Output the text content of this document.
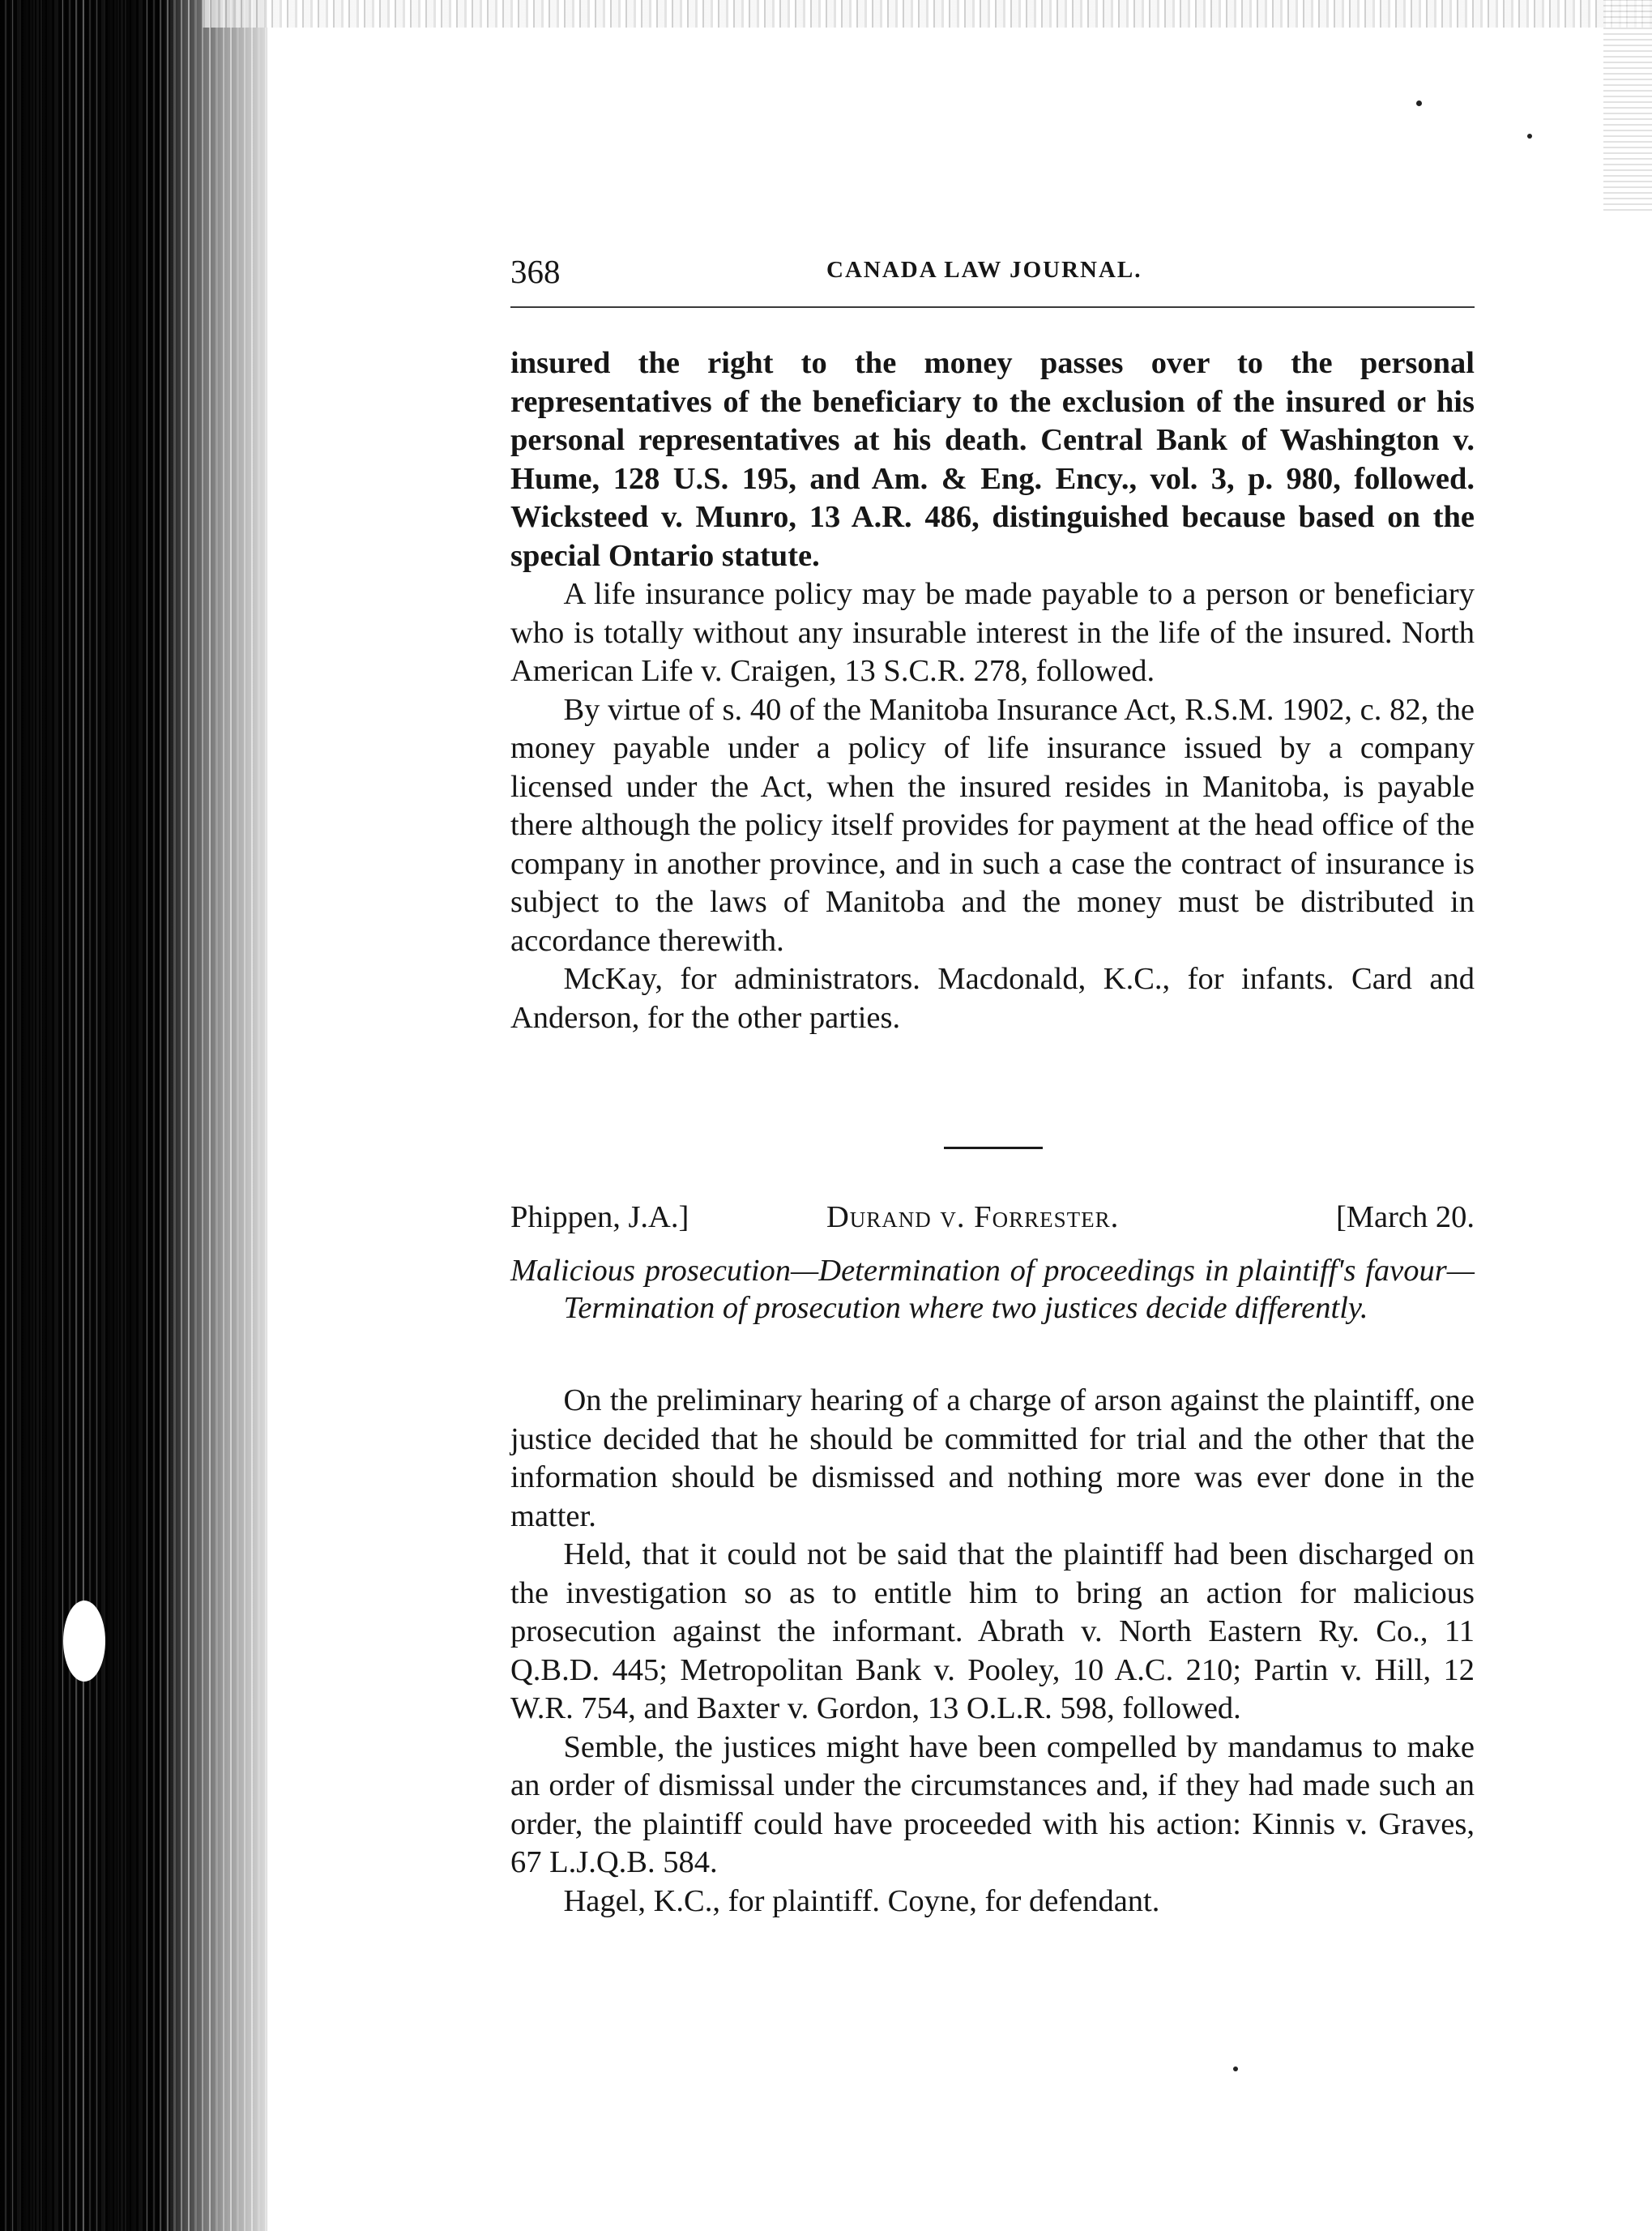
368	CANADA LAW JOURNAL.

insured the right to the money passes over to the personal representatives of the beneficiary to the exclusion of the insured or his personal representatives at his death. Central Bank of Washington v. Hume, 128 U.S. 195, and Am. & Eng. Ency., vol. 3, p. 980, followed. Wicksteed v. Munro, 13 A.R. 486, distinguished because based on the special Ontario statute.

A life insurance policy may be made payable to a person or beneficiary who is totally without any insurable interest in the life of the insured. North American Life v. Craigen, 13 S.C.R. 278, followed.

By virtue of s. 40 of the Manitoba Insurance Act, R.S.M. 1902, c. 82, the money payable under a policy of life insurance issued by a company licensed under the Act, when the insured resides in Manitoba, is payable there although the policy itself provides for payment at the head office of the company in another province, and in such a case the contract of insurance is subject to the laws of Manitoba and the money must be distributed in accordance therewith.

McKay, for administrators. Macdonald, K.C., for infants. Card and Anderson, for the other parties.

Phippen, J.A.]	Durand v. Forrester.	[March 20.

Malicious prosecution—Determination of proceedings in plaintiff's favour—Termination of prosecution where two justices decide differently.

On the preliminary hearing of a charge of arson against the plaintiff, one justice decided that he should be committed for trial and the other that the information should be dismissed and nothing more was ever done in the matter.

Held, that it could not be said that the plaintiff had been discharged on the investigation so as to entitle him to bring an action for malicious prosecution against the informant. Abrath v. North Eastern Ry. Co., 11 Q.B.D. 445; Metropolitan Bank v. Pooley, 10 A.C. 210; Partin v. Hill, 12 W.R. 754, and Baxter v. Gordon, 13 O.L.R. 598, followed.

Semble, the justices might have been compelled by mandamus to make an order of dismissal under the circumstances and, if they had made such an order, the plaintiff could have proceeded with his action: Kinnis v. Graves, 67 L.J.Q.B. 584.

Hagel, K.C., for plaintiff. Coyne, for defendant.
